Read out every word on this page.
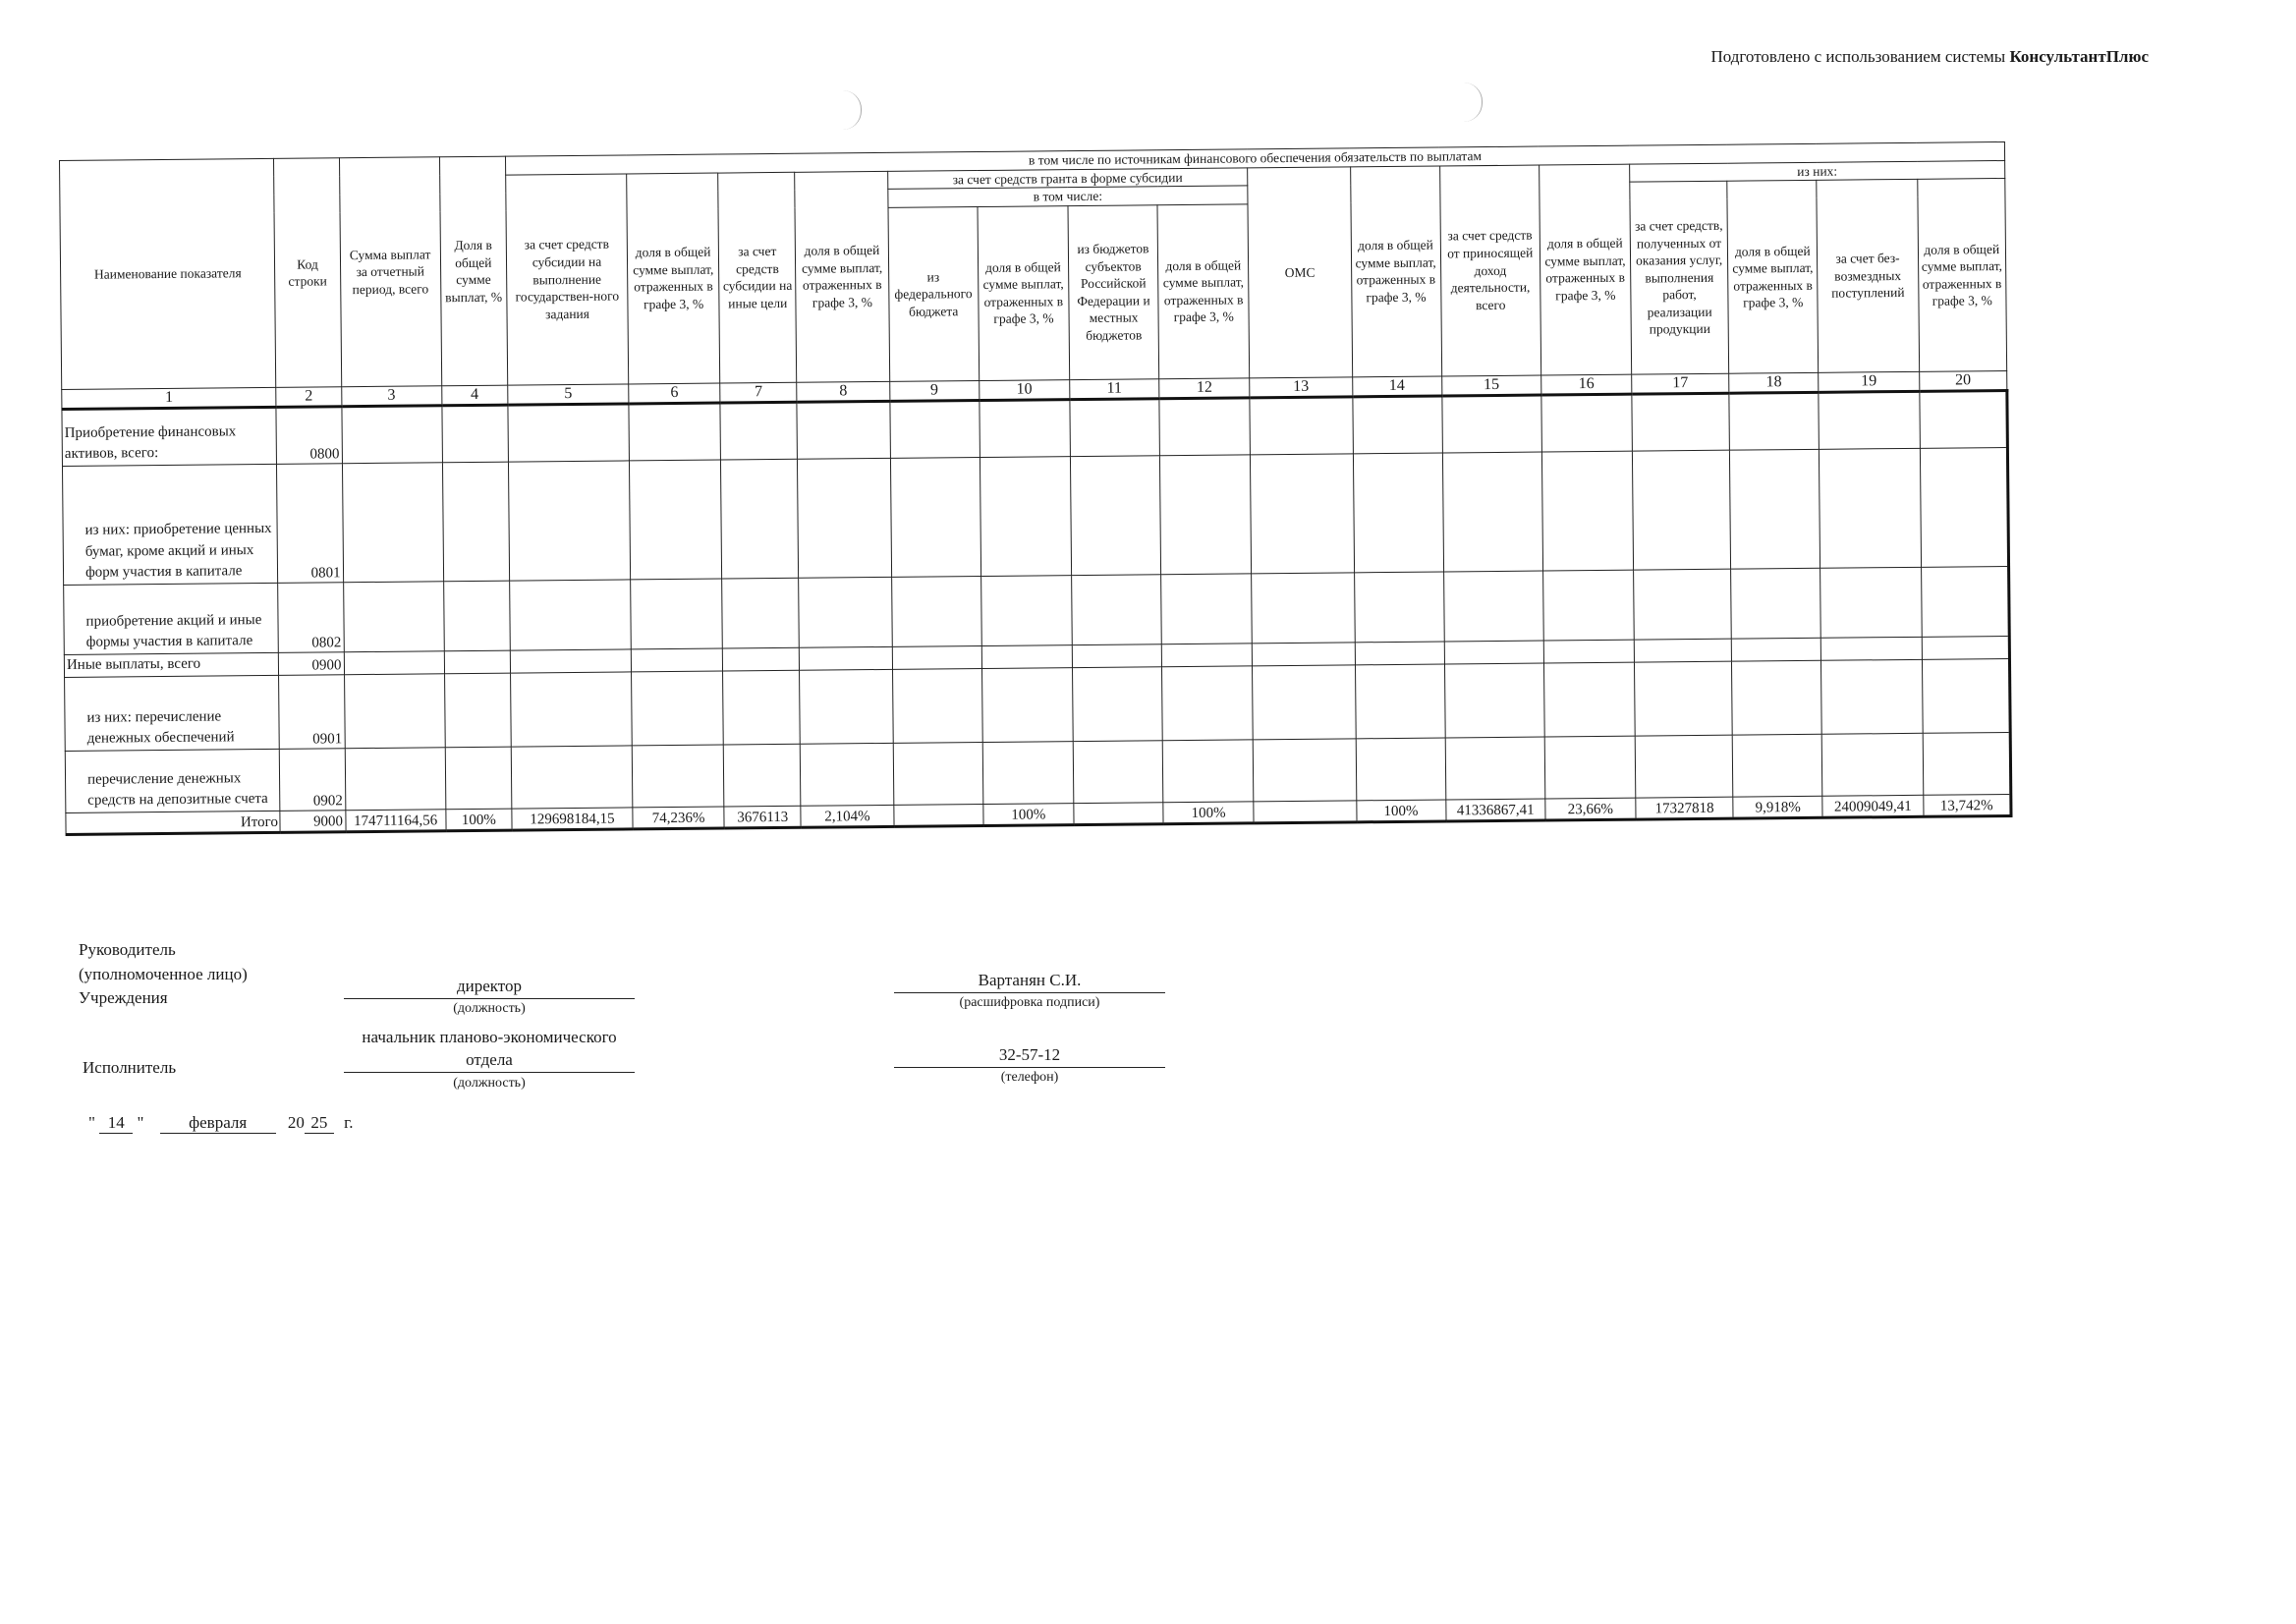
Подготовлено с использованием системы КонсультантПлюс
Наименование показателя	Код строки	Сумма выплат за отчетный период, всего	Доля в общей сумме выплат, %	в том числе по источникам финансового обеспечения обязательств по выплатам															
				за счет средств субсидии на выполнение государствен-ного задания	доля в общей сумме выплат, отраженных в графе 3, %	за счет средств субсидии на иные цели	доля в общей сумме выплат, отраженных в графе 3, %	за счет средств гранта в форме субсидии				ОМС	доля в общей сумме выплат, отраженных в графе 3, %	за счет средств от приносящей доход деятельности, всего	доля в общей сумме выплат, отраженных в графе 3, %	из них:			
								в том числе:								за счет средств, полученных от оказания услуг, выполнения работ, реализации продукции	доля в общей сумме выплат, отраженных в графе 3, %	за счет без-возмездных поступлений	доля в общей сумме выплат, отраженных в графе 3, %
								из федерального бюджета	доля в общей сумме выплат, отраженных в графе 3, %	из бюджетов субъектов Российской Федерации и местных бюджетов	доля в общей сумме выплат, отраженных в графе 3, %								
1	2	3	4	5	6	7	8	9	10	11	12	13	14	15	16	17	18	19	20
Приобретение финансовых активов, всего:	0800																		
из них: приобретение ценных бумаг, кроме акций и иных форм участия в капитале	0801																		
приобретение акций и иные формы участия в капитале	0802																		
Иные выплаты, всего	0900																		
из них: перечисление денежных обеспечений	0901																		
перечисление денежных средств на депозитные счета	0902																		
Итого	9000	174711164,56	100%	129698184,15	74,236%	3676113	2,104%		100%		100%		100%	41336867,41	23,66%	17327818	9,918%	24009049,41	13,742%
Руководитель
(уполномоченное лицо)
Учреждения
директор
(должность)
Вартанян С.И.
(расшифровка подписи)
Исполнитель
начальник планово-экономического отдела
(должность)
32-57-12
(телефон)
" 14 "	февраля 20 25 г.
